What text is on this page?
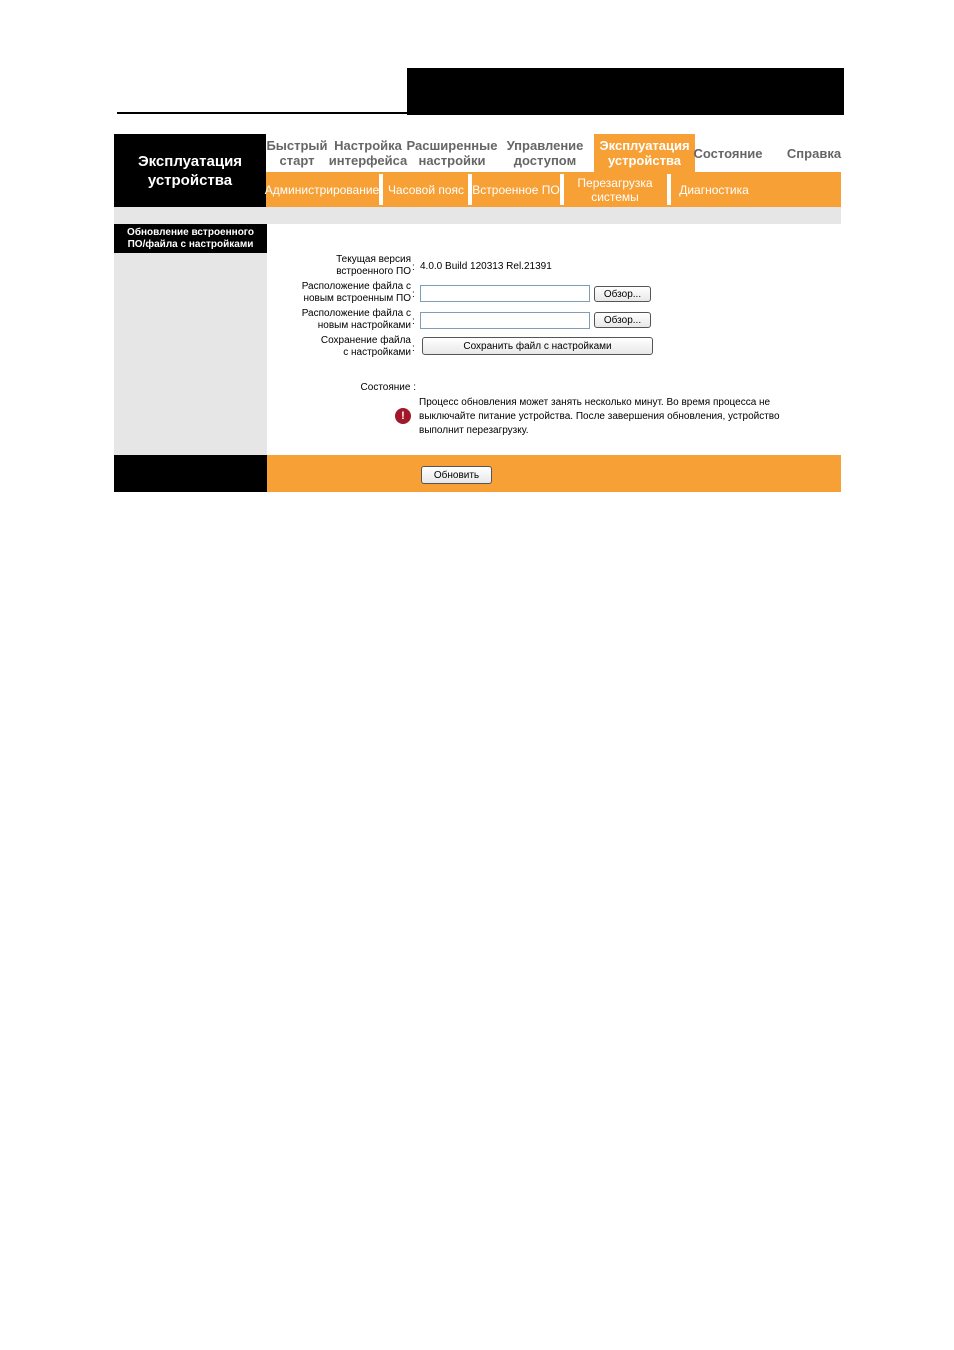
Эксплуатация
устройства
Быстрый
старт
Настройка
интерфейса
Расширенные
настройки
Управление
доступом
Эксплуатация
устройства Состояние Справка
Администрирование Часовой пояс Встроенное ПО Перезагрузка
системы	Диагностика
Обновление встроенного
ПО/файла с настройками
Текущая версия
встроенного ПО : 4.0.0 Build 120313 Rel.21391
Расположение файла с
новым встроенным ПО :	Обзор...
Расположение файла с
новым настройками :	Обзор...
Сохранение файла
с настройками :	Сохранить файл с настройками
Состояние :
!
Процесс обновления может занять несколько минут. Во время процесса не выключайте питание устройства. После завершения обновления, устройство выполнит перезагрузку.
Обновить
